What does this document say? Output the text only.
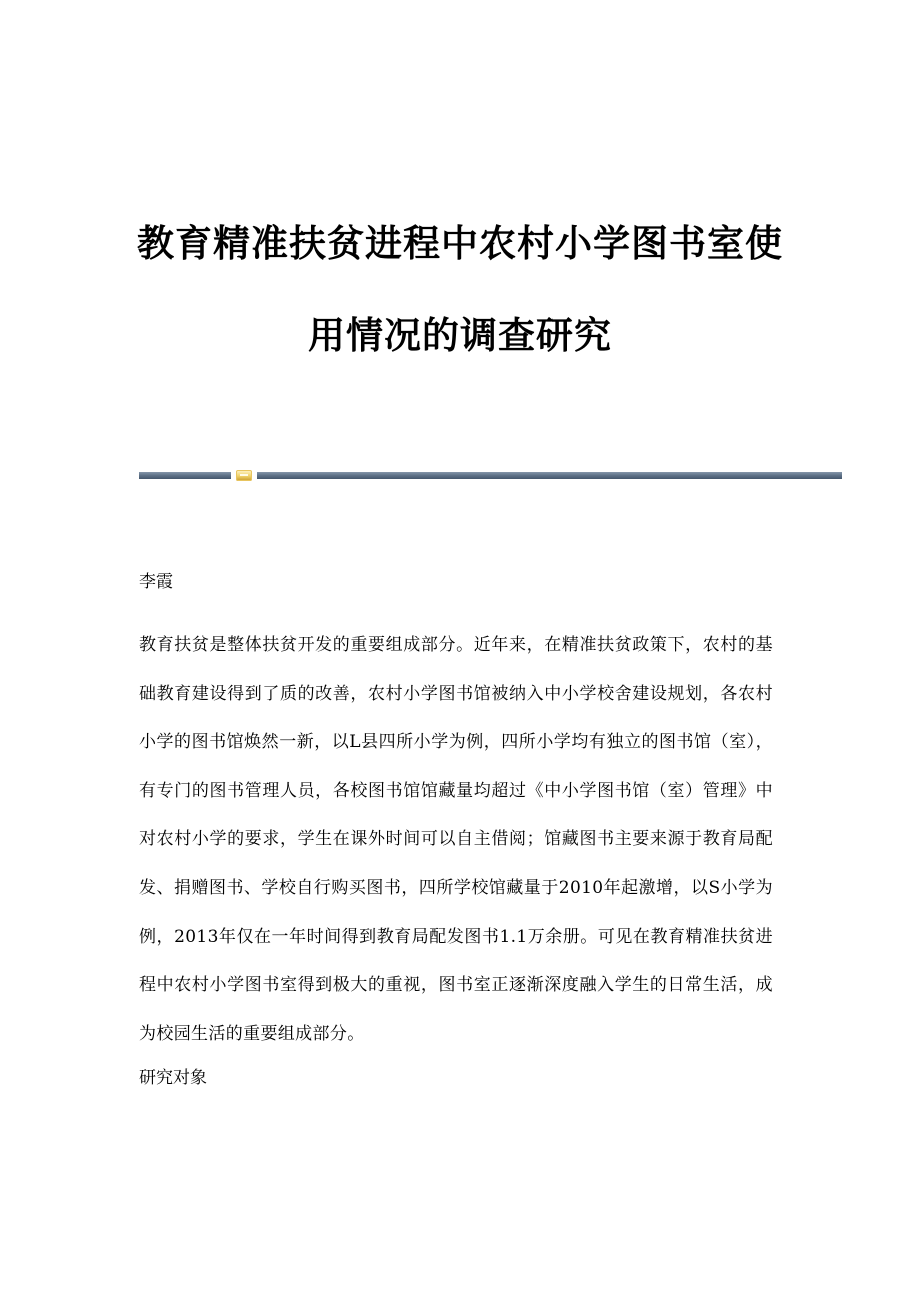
教育精准扶贫进程中农村小学图书室使
用情况的调查研究

李霞

教育扶贫是整体扶贫开发的重要组成部分。近年来，在精准扶贫政策下，农村的基础教育建设得到了质的改善，农村小学图书馆被纳入中小学校舍建设规划，各农村小学的图书馆焕然一新，以L县四所小学为例，四所小学均有独立的图书馆（室），有专门的图书管理人员，各校图书馆馆藏量均超过《中小学图书馆（室）管理》中对农村小学的要求，学生在课外时间可以自主借阅；馆藏图书主要来源于教育局配发、捐赠图书、学校自行购买图书，四所学校馆藏量于2010年起激增，以S小学为例，2013年仅在一年时间得到教育局配发图书1.1万余册。可见在教育精准扶贫进程中农村小学图书室得到极大的重视，图书室正逐渐深度融入学生的日常生活，成为校园生活的重要组成部分。

研究对象
